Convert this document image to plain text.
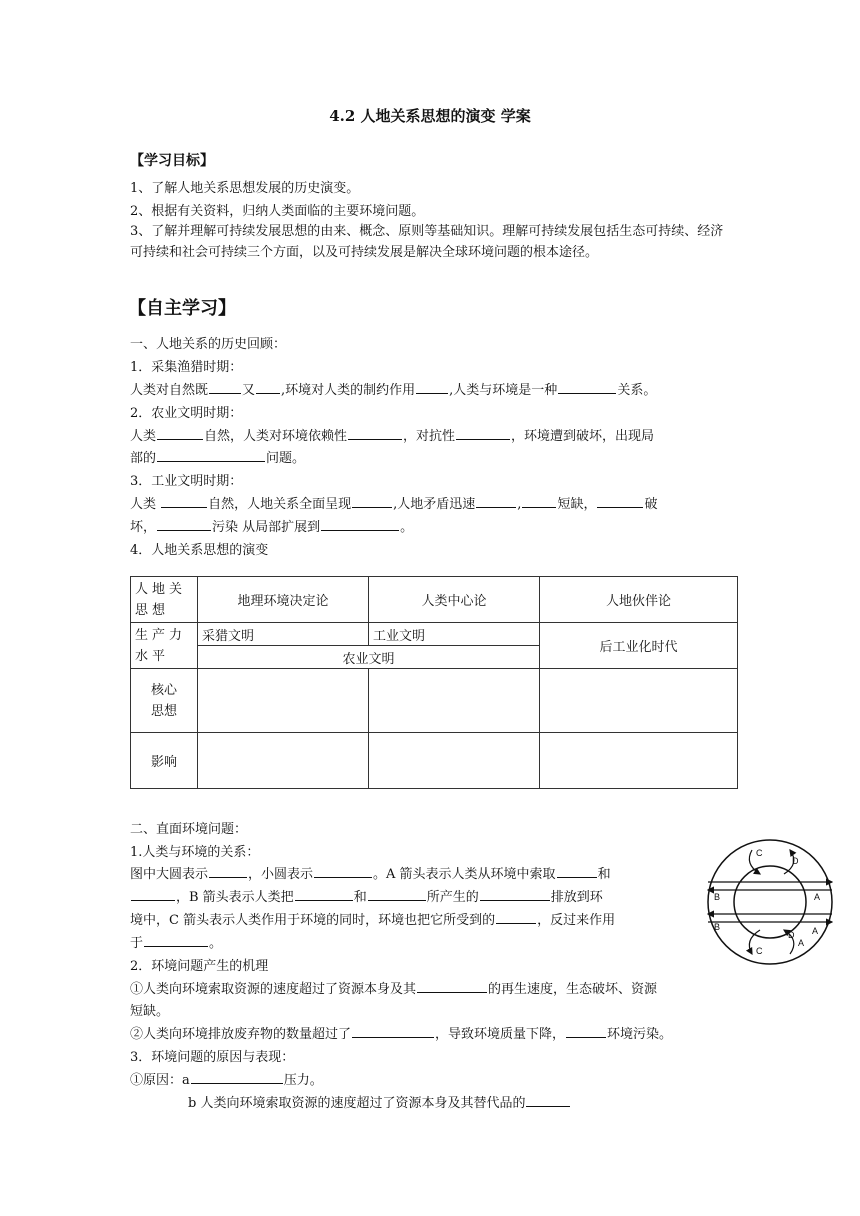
4.2 人地关系思想的演变 学案
【学习目标】
1、了解人地关系思想发展的历史演变。
2、根据有关资料，归纳人类面临的主要环境问题。
3、了解并理解可持续发展思想的由来、概念、原则等基础知识。理解可持续发展包括生态可持续、经济可持续和社会可持续三个方面，以及可持续发展是解决全球环境问题的根本途径。
【自主学习】
一、人地关系的历史回顾：
1．采集渔猎时期：
人类对自然既	又 ,环境对人类的制约作用	,人类与环境是一种	关系。
2．农业文明时期：
人类	自然，人类对环境依赖性	，对抗性	，环境遭到破坏，出现局
部的	问题。
3．工业文明时期：
人类	自然，人地关系全面呈现	,人地矛盾迅速	,	短缺，	破
坏，	污染 从局部扩展到	。
4．人地关系思想的演变
人地关思想	地理环境决定论	人类中心论	人地伙伴论
生产力水平	采猎文明	工业文明	后工业化时代
	农业文明		
核心思想			
影响			
二、直面环境问题：
1.人类与环境的关系：
图中大圆表示	，小圆表示	。A 箭头表示人类从环境中索取	和
，B 箭头表示人类把	和	所产生的	排放到环
境中，C 箭头表示人类作用于环境的同时，环境也把它所受到的	，反过来作用
于	。
C
D
B	A
B	A
C
D
A
2．环境问题产生的机理
①人类向环境索取资源的速度超过了资源本身及其	的再生速度，生态破坏、资源
短缺。
②人类向环境排放废弃物的数量超过了	，导致环境质量下降，	环境污染。
3．环境问题的原因与表现：
①原因：a	压力。
b 人类向环境索取资源的速度超过了资源本身及其替代品的
